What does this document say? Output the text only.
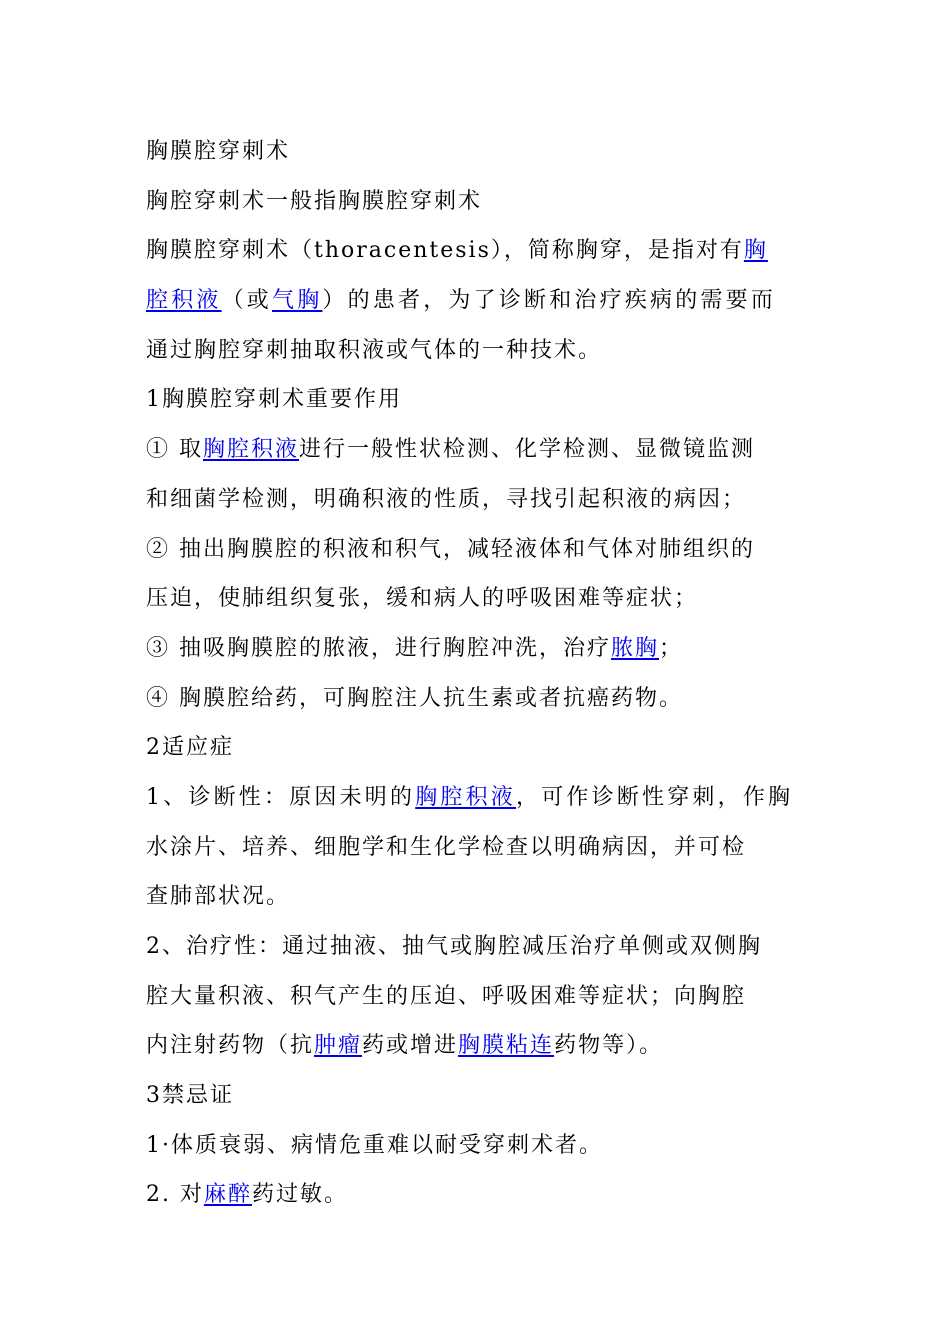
胸膜腔穿刺术
胸腔穿刺术一般指胸膜腔穿刺术
胸膜腔穿刺术（thoracentesis），简称胸穿，是指对有胸
腔积液（或气胸）的患者，为了诊断和治疗疾病的需要而
通过胸腔穿刺抽取积液或气体的一种技术。
1胸膜腔穿刺术重要作用
① 取胸腔积液进行一般性状检测、化学检测、显微镜监测
和细菌学检测，明确积液的性质，寻找引起积液的病因；
② 抽出胸膜腔的积液和积气，减轻液体和气体对肺组织的
压迫，使肺组织复张，缓和病人的呼吸困难等症状；
③ 抽吸胸膜腔的脓液，进行胸腔冲洗，治疗脓胸；
④ 胸膜腔给药，可胸腔注人抗生素或者抗癌药物。
2适应症
1、诊断性：原因未明的胸腔积液，可作诊断性穿刺，作胸
水涂片、培养、细胞学和生化学检查以明确病因，并可检
查肺部状况。
2、治疗性：通过抽液、抽气或胸腔减压治疗单侧或双侧胸
腔大量积液、积气产生的压迫、呼吸困难等症状；向胸腔
内注射药物（抗肿瘤药或增进胸膜粘连药物等）。
3禁忌证
1·体质衰弱、病情危重难以耐受穿刺术者。
2. 对麻醉药过敏。
